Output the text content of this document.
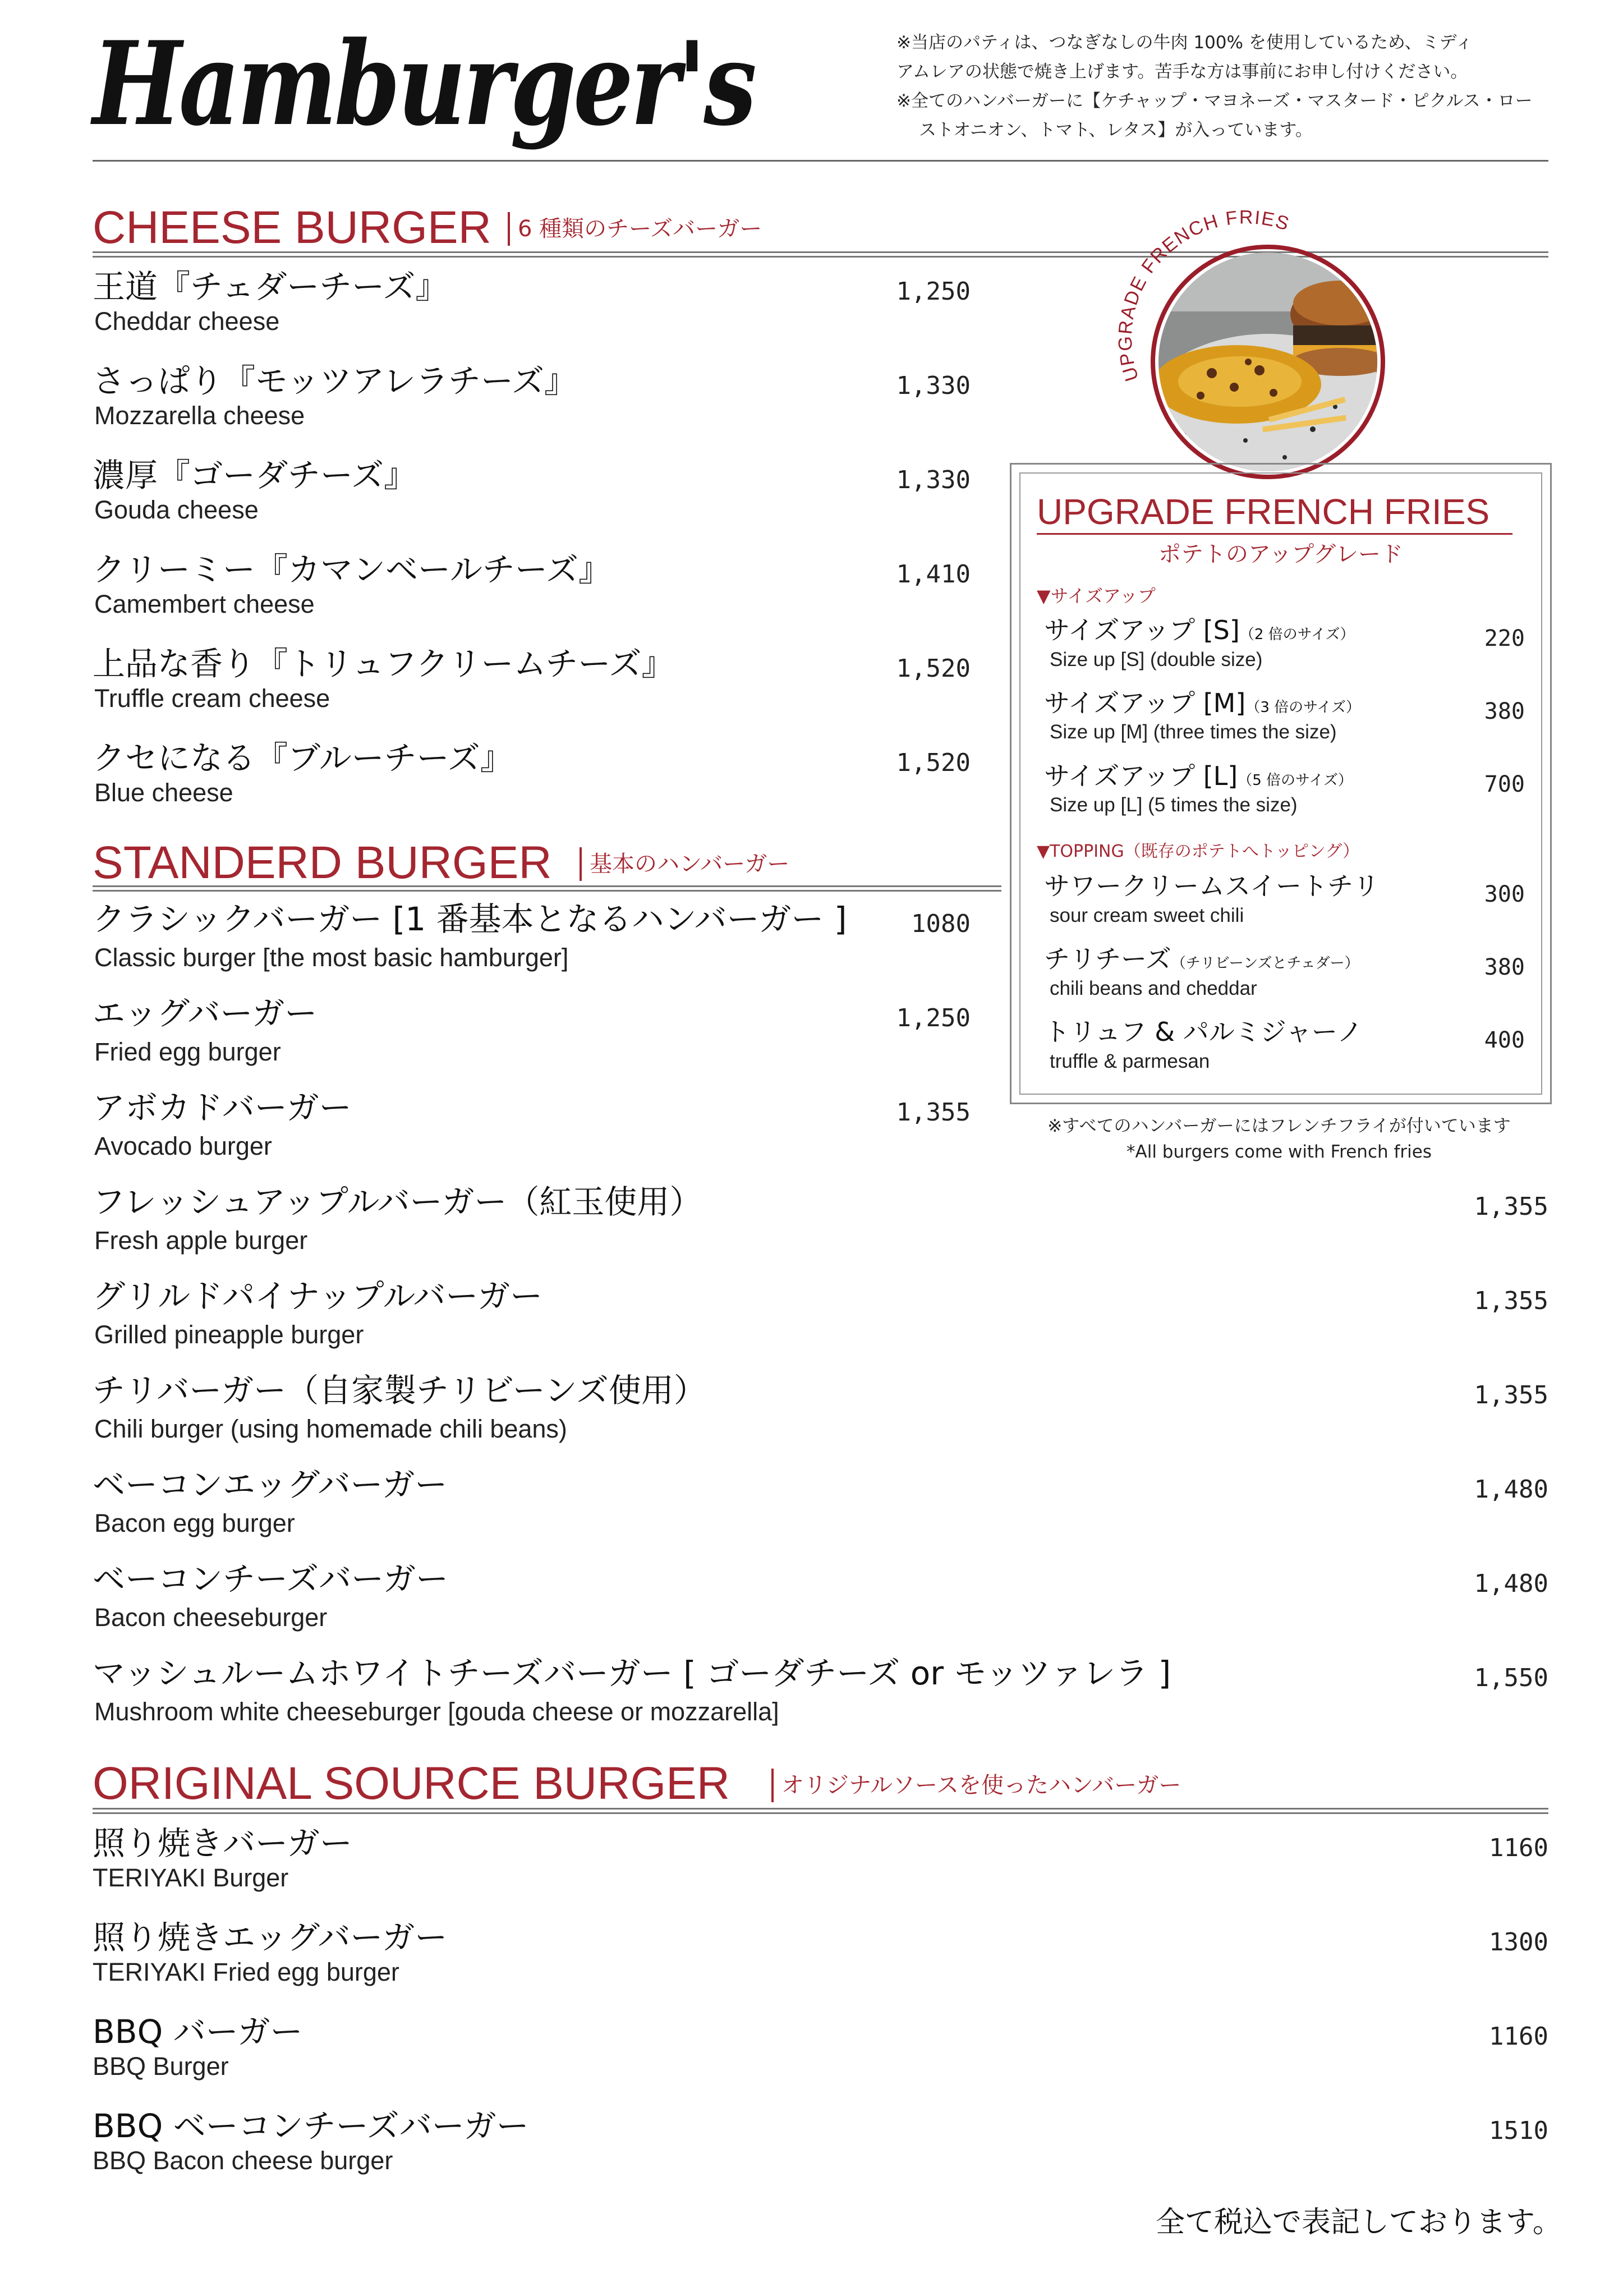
Hamburger's	※当店のパティは、つなぎなしの牛肉 100% を使用しているため、ミディ
アムレアの状態で焼き上げます。苦手な方は事前にお申し付けください。
※全てのハンバーガーに【ケチャップ・マヨネーズ・マスタード・ピクルス・ロー
ストオニオン、トマト、レタス】が入っています。
CHEESE BURGER	6 種類のチーズバーガー
王道『チェダーチーズ』
Cheddar cheese
1,250
さっぱり『モッツアレラチーズ』
Mozzarella cheese
1,330
濃厚『ゴーダチーズ』
Gouda cheese
1,330
クリーミー『カマンベールチーズ』
Camembert cheese
1,410
上品な香り『トリュフクリームチーズ』
Truffle cream cheese
1,520
クセになる『ブルーチーズ』
Blue cheese
1,520
STANDERD BURGER	基本のハンバーガー
クラシックバーガー [1 番基本となるハンバーガー ]
Classic burger [the most basic hamburger]
1080
エッグバーガー
Fried egg burger
1,250
アボカドバーガー
Avocado burger
1,355
フレッシュアップルバーガー（紅玉使用）
Fresh apple burger
1,355
グリルドパイナップルバーガー
Grilled pineapple burger
1,355
チリバーガー（自家製チリビーンズ使用）
Chili burger (using homemade chili beans)
1,355
ベーコンエッグバーガー
Bacon egg burger
1,480
ベーコンチーズバーガー
Bacon cheeseburger
1,480
マッシュルームホワイトチーズバーガー [ ゴーダチーズ or モッツァレラ ]
Mushroom white cheeseburger [gouda cheese or mozzarella]
1,550
ORIGINAL SOURCE BURGER	オリジナルソースを使ったハンバーガー
照り焼きバーガー
TERIYAKI Burger
1160
照り焼きエッグバーガー
TERIYAKI Fried egg burger
1300
BBQ バーガー
BBQ Burger
1160
BBQ ベーコンチーズバーガー
BBQ Bacon cheese burger
1510
UPGRADE FRENCH FRIES
UPGRADE FRENCH FRIES
ポテトのアップグレード
▼サイズアップ
サイズアップ [S]（2 倍のサイズ）
Size up [S] (double size)
220
サイズアップ [M]（3 倍のサイズ）
Size up [M] (three times the size)
380
サイズアップ [L]（5 倍のサイズ）
Size up [L] (5 times the size)
700
▼TOPPING（既存のポテトへトッピング）
サワークリームスイートチリ
sour cream sweet chili
300
チリチーズ（チリビーンズとチェダー）
chili beans and cheddar
380
トリュフ & パルミジャーノ
truffle & parmesan
400
※すべてのハンバーガーにはフレンチフライが付いています
*All burgers come with French fries
全て税込で表記しております。
